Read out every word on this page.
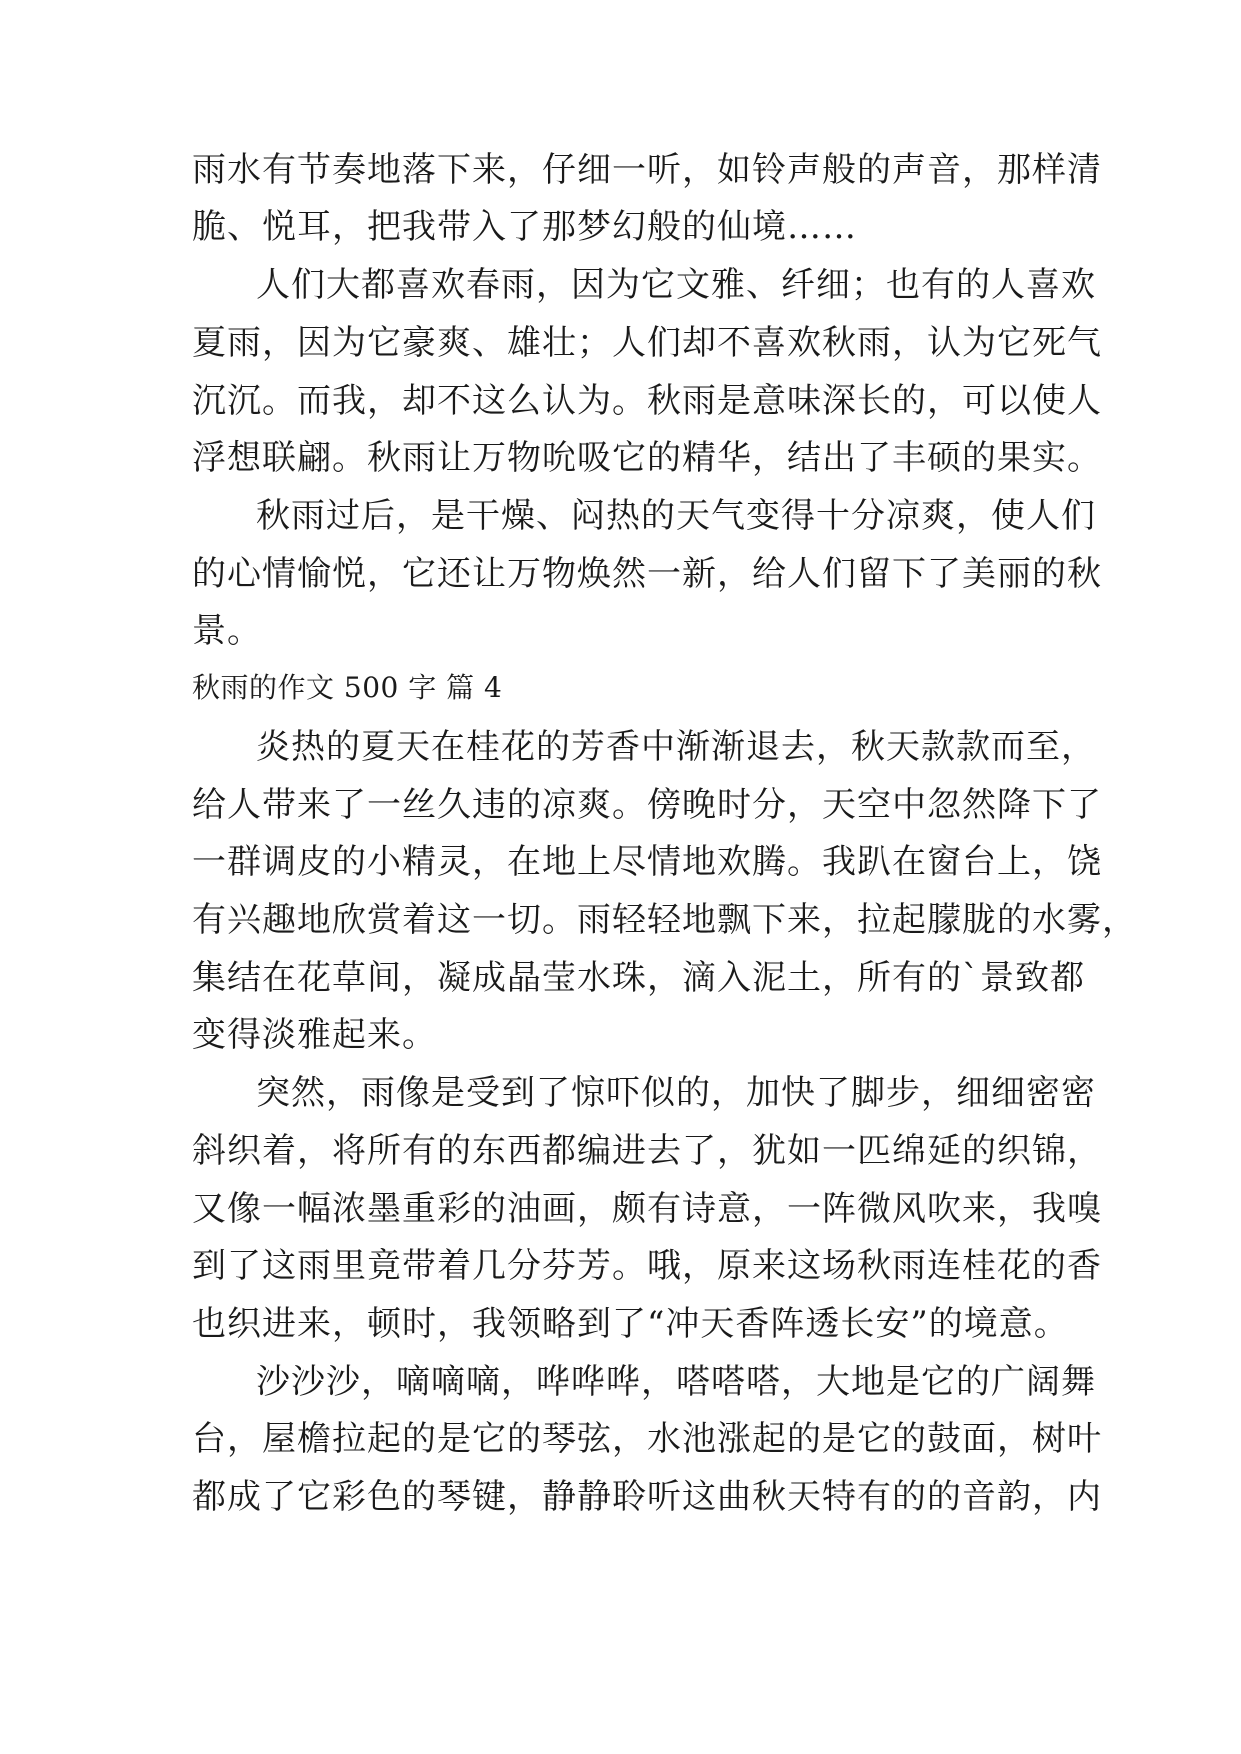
雨水有节奏地落下来，仔细一听，如铃声般的声音，那样清
脆、悦耳，把我带入了那梦幻般的仙境……
人们大都喜欢春雨，因为它文雅、纤细；也有的人喜欢
夏雨，因为它豪爽、雄壮；人们却不喜欢秋雨，认为它死气
沉沉。而我，却不这么认为。秋雨是意味深长的，可以使人
浮想联翩。秋雨让万物吮吸它的精华，结出了丰硕的果实。
秋雨过后，是干燥、闷热的天气变得十分凉爽，使人们
的心情愉悦，它还让万物焕然一新，给人们留下了美丽的秋
景。
秋雨的作文 500 字 篇 4
炎热的夏天在桂花的芳香中渐渐退去，秋天款款而至，
给人带来了一丝久违的凉爽。傍晚时分，天空中忽然降下了
一群调皮的小精灵，在地上尽情地欢腾。我趴在窗台上，饶
有兴趣地欣赏着这一切。雨轻轻地飘下来，拉起朦胧的水雾，
集结在花草间，凝成晶莹水珠，滴入泥土，所有的`景致都
变得淡雅起来。
突然，雨像是受到了惊吓似的，加快了脚步，细细密密
斜织着，将所有的东西都编进去了，犹如一匹绵延的织锦，
又像一幅浓墨重彩的油画，颇有诗意，一阵微风吹来，我嗅
到了这雨里竟带着几分芬芳。哦，原来这场秋雨连桂花的香
也织进来，顿时，我领略到了“冲天香阵透长安”的境意。
沙沙沙，嘀嘀嘀，哗哗哗，嗒嗒嗒，大地是它的广阔舞
台，屋檐拉起的是它的琴弦，水池涨起的是它的鼓面，树叶
都成了它彩色的琴键，静静聆听这曲秋天特有的的音韵，内
